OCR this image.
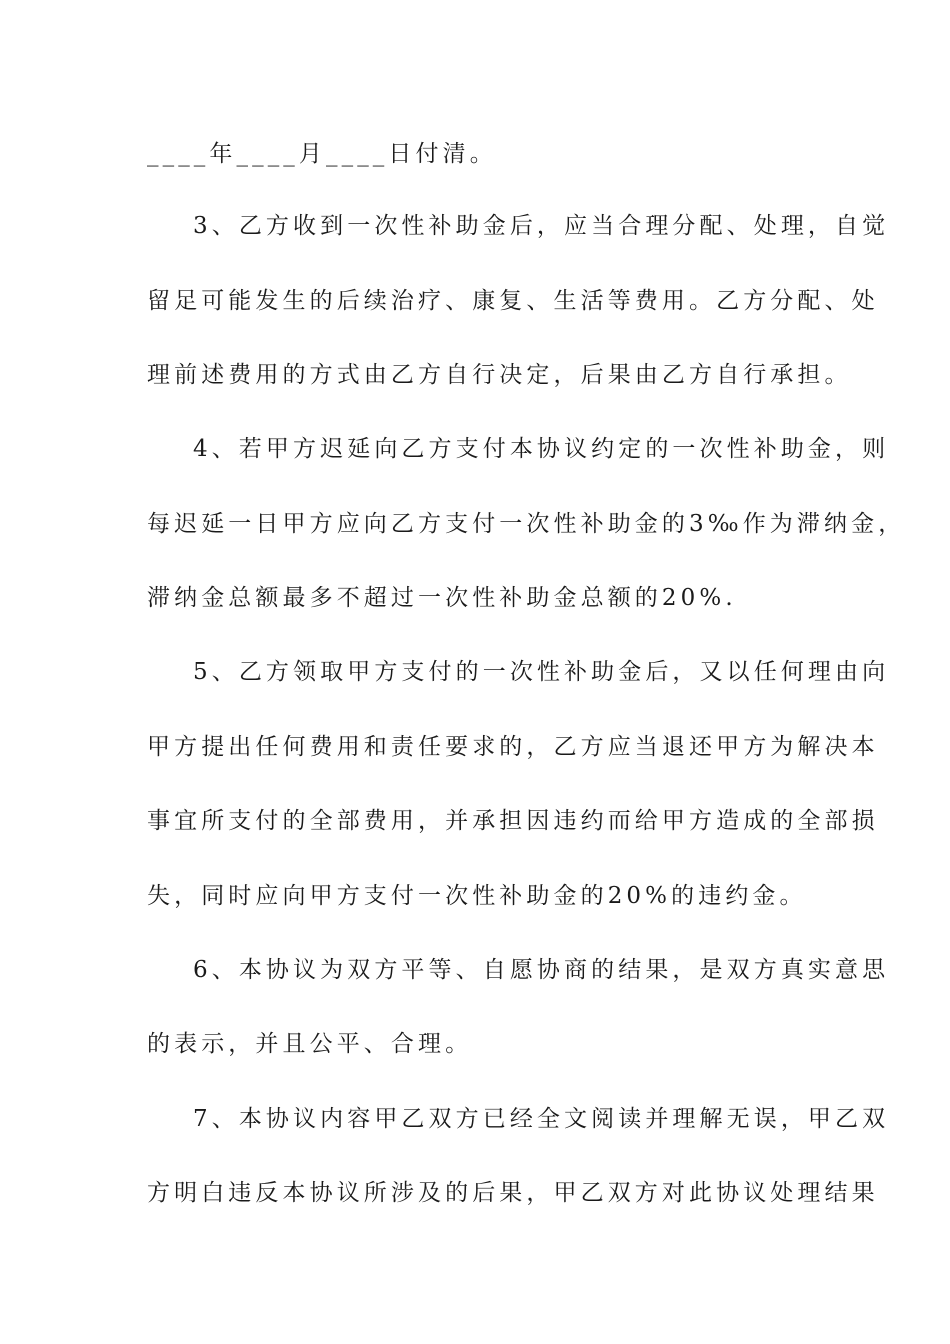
____年____月____日付清。
3、乙方收到一次性补助金后，应当合理分配、处理，自觉
留足可能发生的后续治疗、康复、生活等费用。乙方分配、处
理前述费用的方式由乙方自行决定，后果由乙方自行承担。
4、若甲方迟延向乙方支付本协议约定的一次性补助金，则
每迟延一日甲方应向乙方支付一次性补助金的3‰作为滞纳金，
滞纳金总额最多不超过一次性补助金总额的20%.
5、乙方领取甲方支付的一次性补助金后，又以任何理由向
甲方提出任何费用和责任要求的，乙方应当退还甲方为解决本
事宜所支付的全部费用，并承担因违约而给甲方造成的全部损
失，同时应向甲方支付一次性补助金的20%的违约金。
6、本协议为双方平等、自愿协商的结果，是双方真实意思
的表示，并且公平、合理。
7、本协议内容甲乙双方已经全文阅读并理解无误，甲乙双
方明白违反本协议所涉及的后果，甲乙双方对此协议处理结果
